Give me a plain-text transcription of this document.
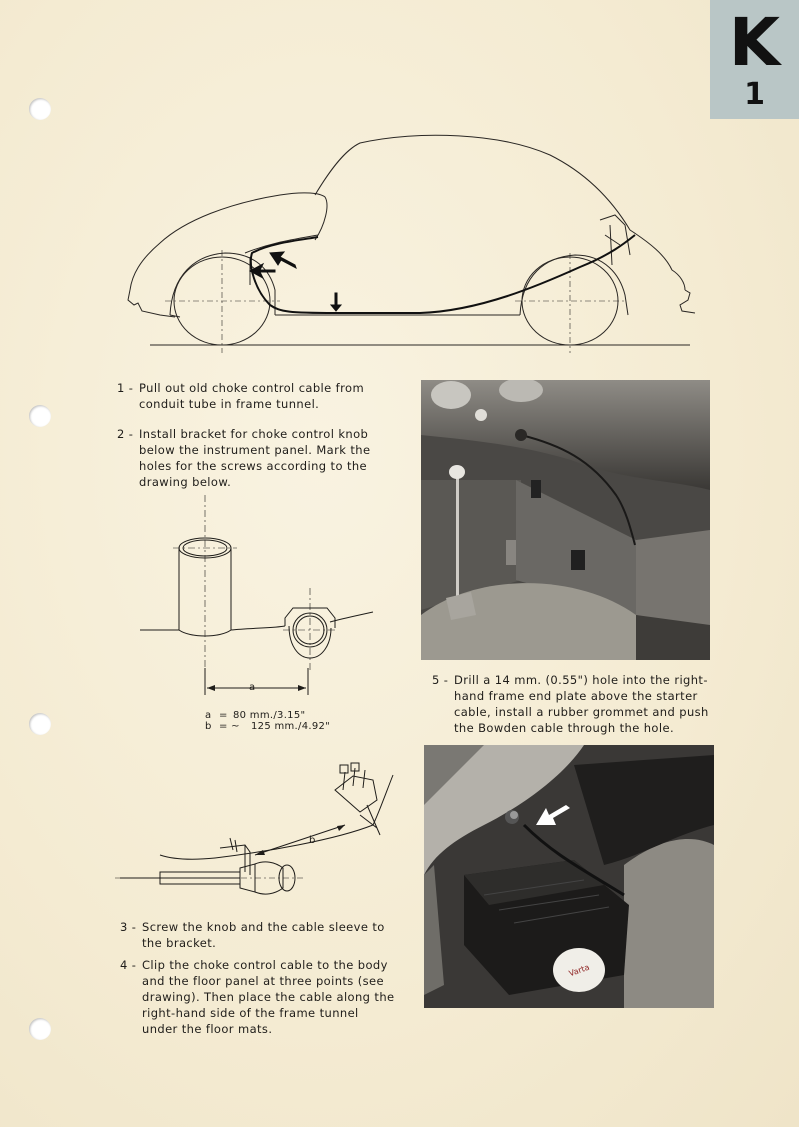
K
1
1 - Pull out old choke control cable from conduit tube in frame tunnel.
2 - Install bracket for choke control knob below the instrument panel. Mark the holes for the screws according to the drawing below.
a
a = 80 mm./3.15"
b = ~ 125 mm./4.92"
b
3 - Screw the knob and the cable sleeve to the bracket.
4 - Clip the choke control cable to the body and the floor panel at three points (see drawing). Then place the cable along the right-hand side of the frame tunnel under the floor mats.
5 - Drill a 14 mm. (0.55") hole into the right-hand frame end plate above the starter cable, install a rubber grommet and push the Bowden cable through the hole.
Varta
